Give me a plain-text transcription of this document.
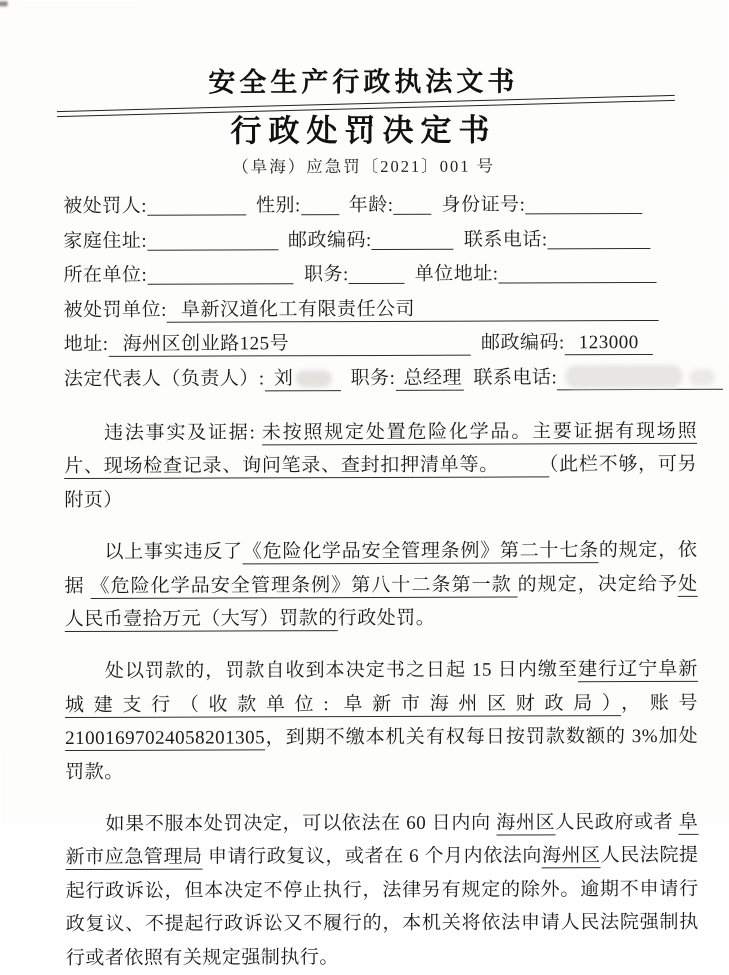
安全生产行政执法文书
行政处罚决定书
（阜海）应急罚〔2021〕001 号
被处罚人:	性别:	年龄:	身份证号:
家庭住址:	邮政编码:	联系电话:
所在单位:	职务:	单位地址:
被处罚单位: 阜新汉道化工有限责任公司
地址: 海州区创业路125号	邮政编码: 123000
法定代表人（负责人）: 刘	职务: 总经理 联系电话:

违法事实及证据: 未按照规定处置危险化学品。主要证据有现场照片、现场检查记录、询问笔录、查封扣押清单等。　　　	（此栏不够，可另附页）

以上事实违反了《危险化学品安全管理条例》第二十七条的规定，依据 《危险化学品安全管理条例》第八十二条第一款 的规定，决定给予处人民币壹拾万元（大写）罚款的行政处罚。

处以罚款的，罚款自收到本决定书之日起 15 日内缴至建行辽宁阜新城建支行（收款单位: 阜新市海州区财政局），账号 21001697024058201305，到期不缴本机关有权每日按罚款数额的 3%加处罚款。

如果不服本处罚决定，可以依法在 60 日内向 海州区人民政府或者 阜新市应急管理局 申请行政复议，或者在 6 个月内依法向海州区人民法院提起行政诉讼，但本决定不停止执行，法律另有规定的除外。逾期不申请行政复议、不提起行政诉讼又不履行的，本机关将依法申请人民法院强制执行或者依照有关规定强制执行。
